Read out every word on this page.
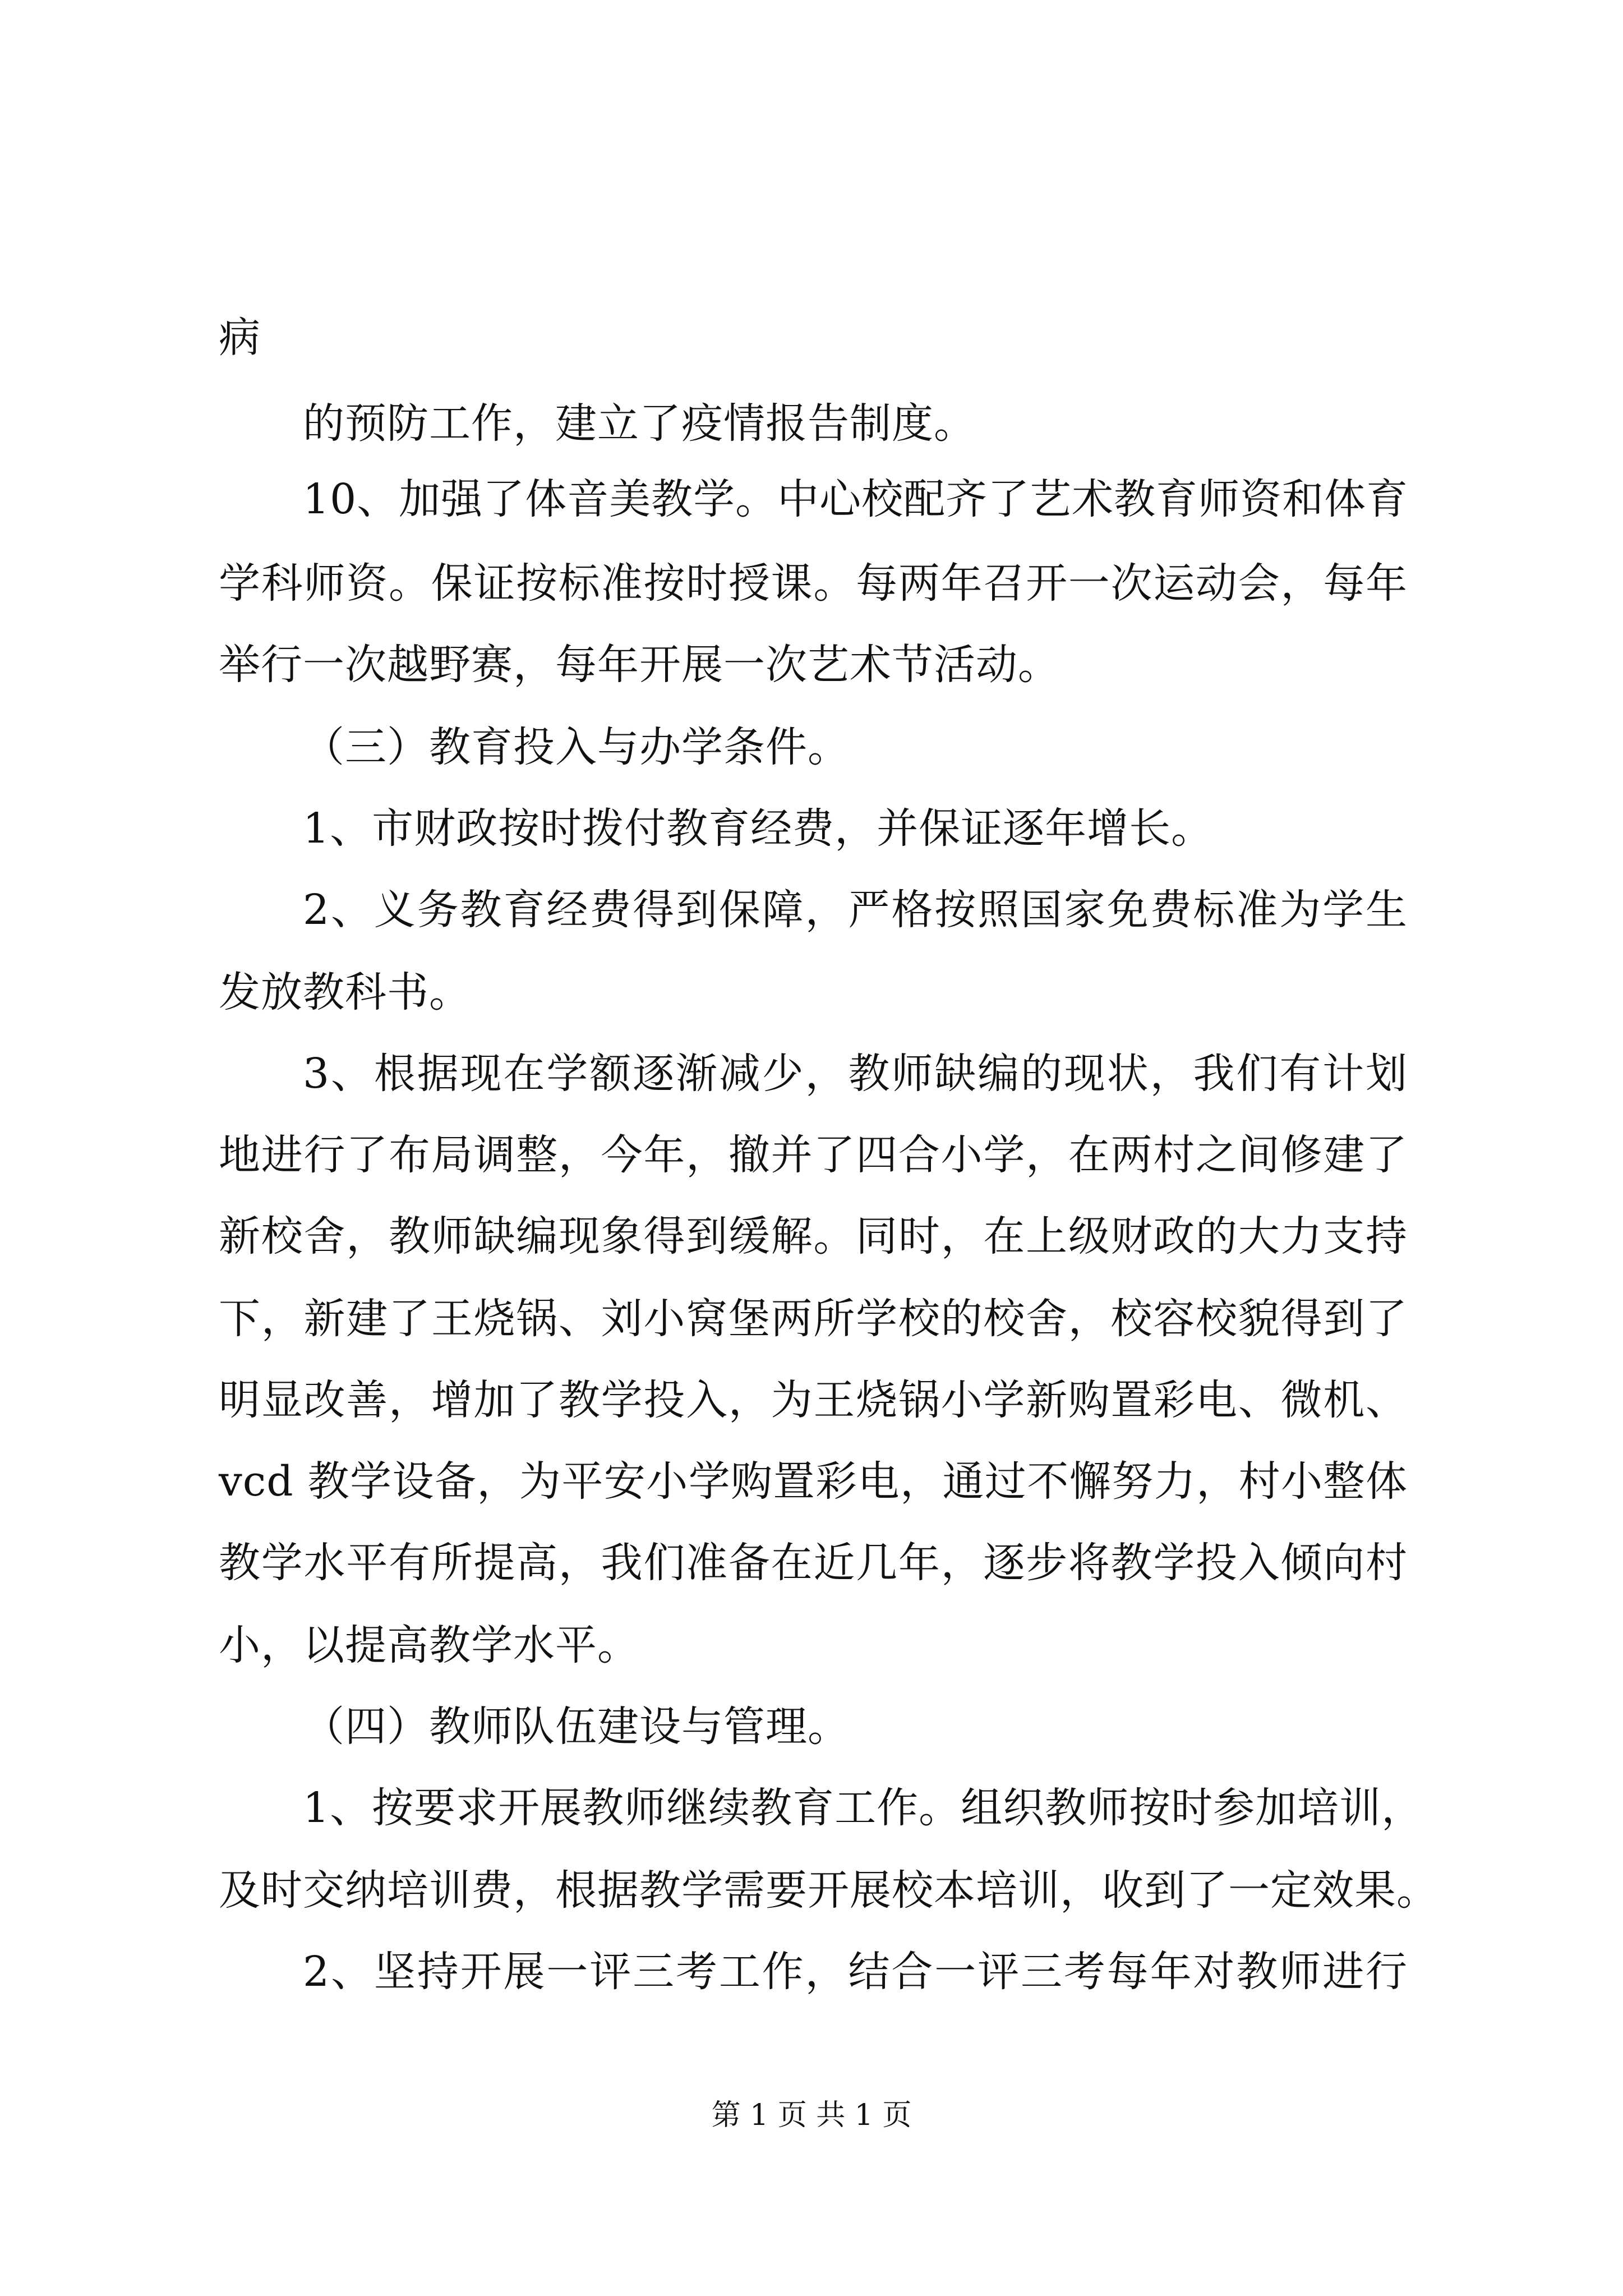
病
的预防工作，建立了疫情报告制度。
10、加强了体音美教学。中心校配齐了艺术教育师资和体育
学科师资。保证按标准按时授课。每两年召开一次运动会，每年
举行一次越野赛，每年开展一次艺术节活动。
（三）教育投入与办学条件。
1、市财政按时拨付教育经费，并保证逐年增长。
2、义务教育经费得到保障，严格按照国家免费标准为学生
发放教科书。
3、根据现在学额逐渐减少，教师缺编的现状，我们有计划
地进行了布局调整，今年，撤并了四合小学，在两村之间修建了
新校舍，教师缺编现象得到缓解。同时，在上级财政的大力支持
下，新建了王烧锅、刘小窝堡两所学校的校舍，校容校貌得到了
明显改善，增加了教学投入，为王烧锅小学新购置彩电、微机、
vcd 教学设备，为平安小学购置彩电，通过不懈努力，村小整体
教学水平有所提高，我们准备在近几年，逐步将教学投入倾向村
小，以提高教学水平。
（四）教师队伍建设与管理。
1、按要求开展教师继续教育工作。组织教师按时参加培训，
及时交纳培训费，根据教学需要开展校本培训，收到了一定效果。
2、坚持开展一评三考工作，结合一评三考每年对教师进行
第 1 页 共 1 页
